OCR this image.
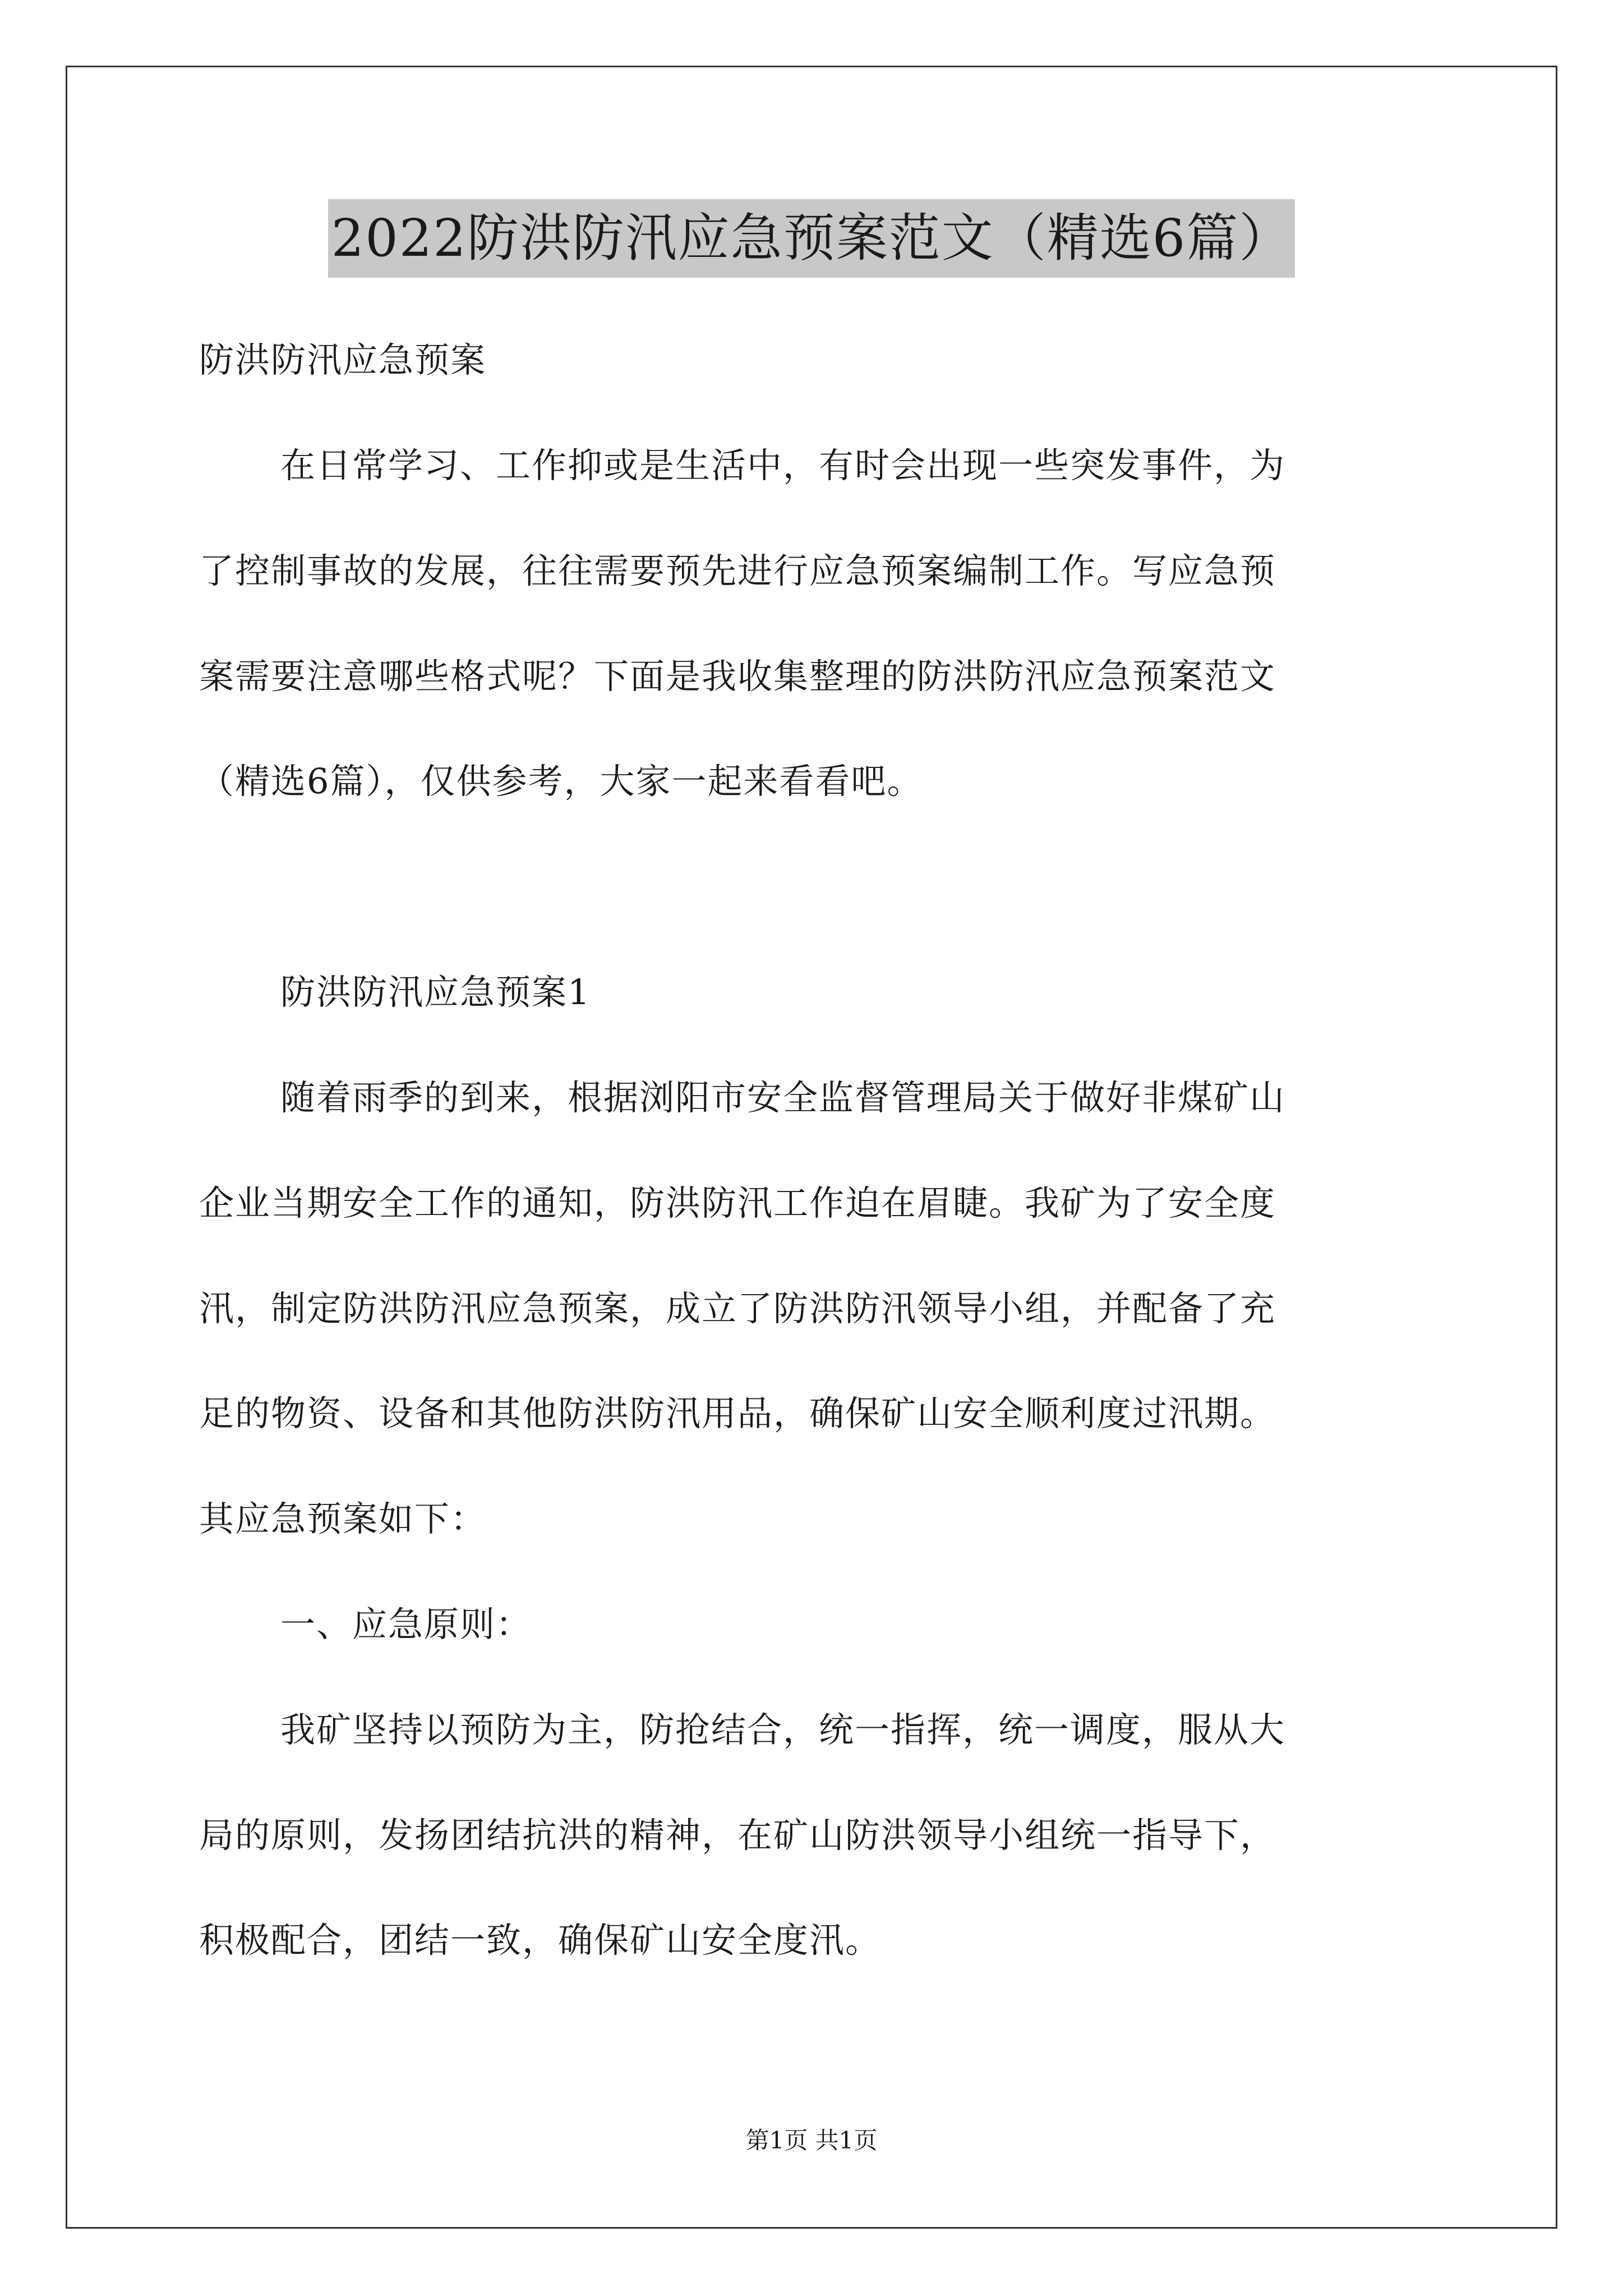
2022防洪防汛应急预案范文（精选6篇）

防洪防汛应急预案

在日常学习、工作抑或是生活中，有时会出现一些突发事件，为

了控制事故的发展，往往需要预先进行应急预案编制工作。写应急预

案需要注意哪些格式呢？下面是我收集整理的防洪防汛应急预案范文

（精选6篇），仅供参考，大家一起来看看吧。

防洪防汛应急预案1

随着雨季的到来，根据浏阳市安全监督管理局关于做好非煤矿山

企业当期安全工作的通知，防洪防汛工作迫在眉睫。我矿为了安全度

汛，制定防洪防汛应急预案，成立了防洪防汛领导小组，并配备了充

足的物资、设备和其他防洪防汛用品，确保矿山安全顺利度过汛期。

其应急预案如下：

一、应急原则：

我矿坚持以预防为主，防抢结合，统一指挥，统一调度，服从大

局的原则，发扬团结抗洪的精神，在矿山防洪领导小组统一指导下，

积极配合，团结一致，确保矿山安全度汛。

第1页 共1页
